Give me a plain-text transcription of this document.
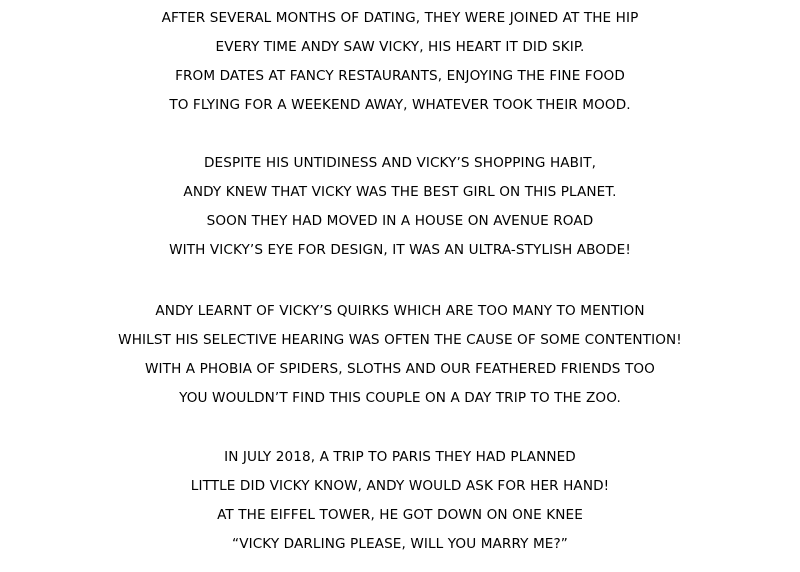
AFTER SEVERAL MONTHS OF DATING, THEY WERE JOINED AT THE HIP
EVERY TIME ANDY SAW VICKY, HIS HEART IT DID SKIP.
FROM DATES AT FANCY RESTAURANTS, ENJOYING THE FINE FOOD
TO FLYING FOR A WEEKEND AWAY, WHATEVER TOOK THEIR MOOD.
DESPITE HIS UNTIDINESS AND VICKY’S SHOPPING HABIT,
ANDY KNEW THAT VICKY WAS THE BEST GIRL ON THIS PLANET.
SOON THEY HAD MOVED IN A HOUSE ON AVENUE ROAD
WITH VICKY’S EYE FOR DESIGN, IT WAS AN ULTRA-STYLISH ABODE!
ANDY LEARNT OF VICKY’S QUIRKS WHICH ARE TOO MANY TO MENTION
WHILST HIS SELECTIVE HEARING WAS OFTEN THE CAUSE OF SOME CONTENTION!
WITH A PHOBIA OF SPIDERS, SLOTHS AND OUR FEATHERED FRIENDS TOO
YOU WOULDN’T FIND THIS COUPLE ON A DAY TRIP TO THE ZOO.
IN JULY 2018, A TRIP TO PARIS THEY HAD PLANNED
LITTLE DID VICKY KNOW, ANDY WOULD ASK FOR HER HAND!
AT THE EIFFEL TOWER, HE GOT DOWN ON ONE KNEE
“VICKY DARLING PLEASE, WILL YOU MARRY ME?”
